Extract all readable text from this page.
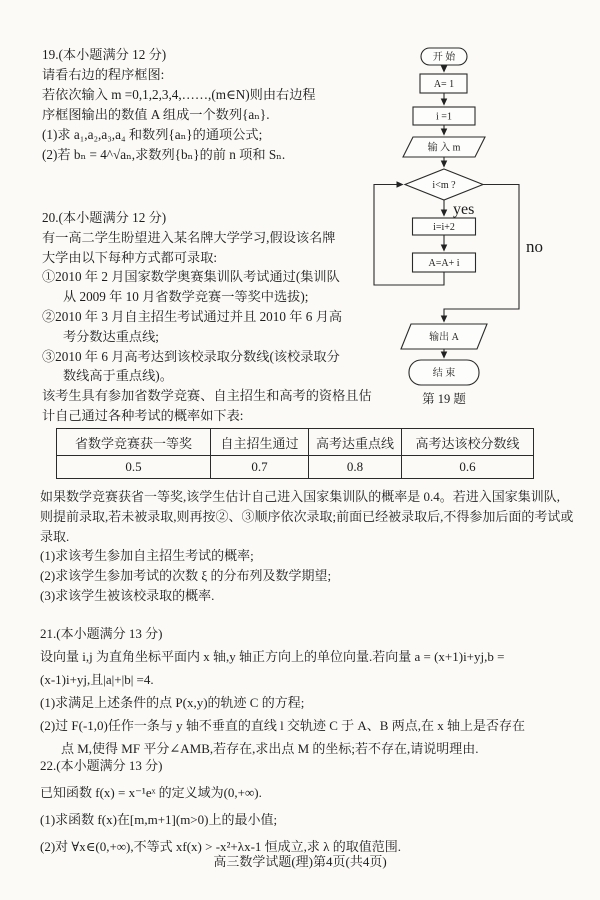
19.(本小题满分 12 分)
请看右边的程序框图:
若依次输入 m =0,1,2,3,4,……,(m∈N)则由右边程
序框图输出的数值 A 组成一个数列{aₙ}.
(1)求 a₁,a₂,a₃,a₄ 和数列{aₙ}的通项公式;
(2)若 bₙ = 4^√aₙ,求数列{bₙ}的前 n 项和 Sₙ.
开 始
A= 1
i =1
输 入 m
i<m ?
i=i+2
A=A+ i
输出 A
结 束
yes
no
第 19 题
20.(本小题满分 12 分)
有一高二学生盼望进入某名牌大学学习,假设该名牌
大学由以下每种方式都可录取:
①2010 年 2 月国家数学奥赛集训队考试通过(集训队
从 2009 年 10 月省数学竞赛一等奖中选拔);
②2010 年 3 月自主招生考试通过并且 2010 年 6 月高
考分数达重点线;
③2010 年 6 月高考达到该校录取分数线(该校录取分
数线高于重点线)。
该考生具有参加省数学竞赛、自主招生和高考的资格且估
计自己通过各种考试的概率如下表:
省数学竞赛获一等奖	自主招生通过	高考达重点线	高考达该校分数线
0.5	0.7	0.8	0.6
如果数学竞赛获省一等奖,该学生估计自己进入国家集训队的概率是 0.4。若进入国家集训队,
则提前录取,若未被录取,则再按②、③顺序依次录取;前面已经被录取后,不得参加后面的考试或
录取.
(1)求该考生参加自主招生考试的概率;
(2)求该学生参加考试的次数 ξ 的分布列及数学期望;
(3)求该学生被该校录取的概率.
21.(本小题满分 13 分)
设向量 i,j 为直角坐标平面内 x 轴,y 轴正方向上的单位向量.若向量 a = (x+1)i+yj,b =
(x-1)i+yj,且|a|+|b| =4.
(1)求满足上述条件的点 P(x,y)的轨迹 C 的方程;
(2)过 F(-1,0)任作一条与 y 轴不垂直的直线 l 交轨迹 C 于 A、B 两点,在 x 轴上是否存在
点 M,使得 MF 平分∠AMB,若存在,求出点 M 的坐标;若不存在,请说明理由.
22.(本小题满分 13 分)
已知函数 f(x) = x⁻¹eˣ 的定义域为(0,+∞).
(1)求函数 f(x)在[m,m+1](m>0)上的最小值;
(2)对 ∀x∈(0,+∞),不等式 xf(x) > -x²+λx-1 恒成立,求 λ 的取值范围.
高三数学试题(理)第4页(共4页)
